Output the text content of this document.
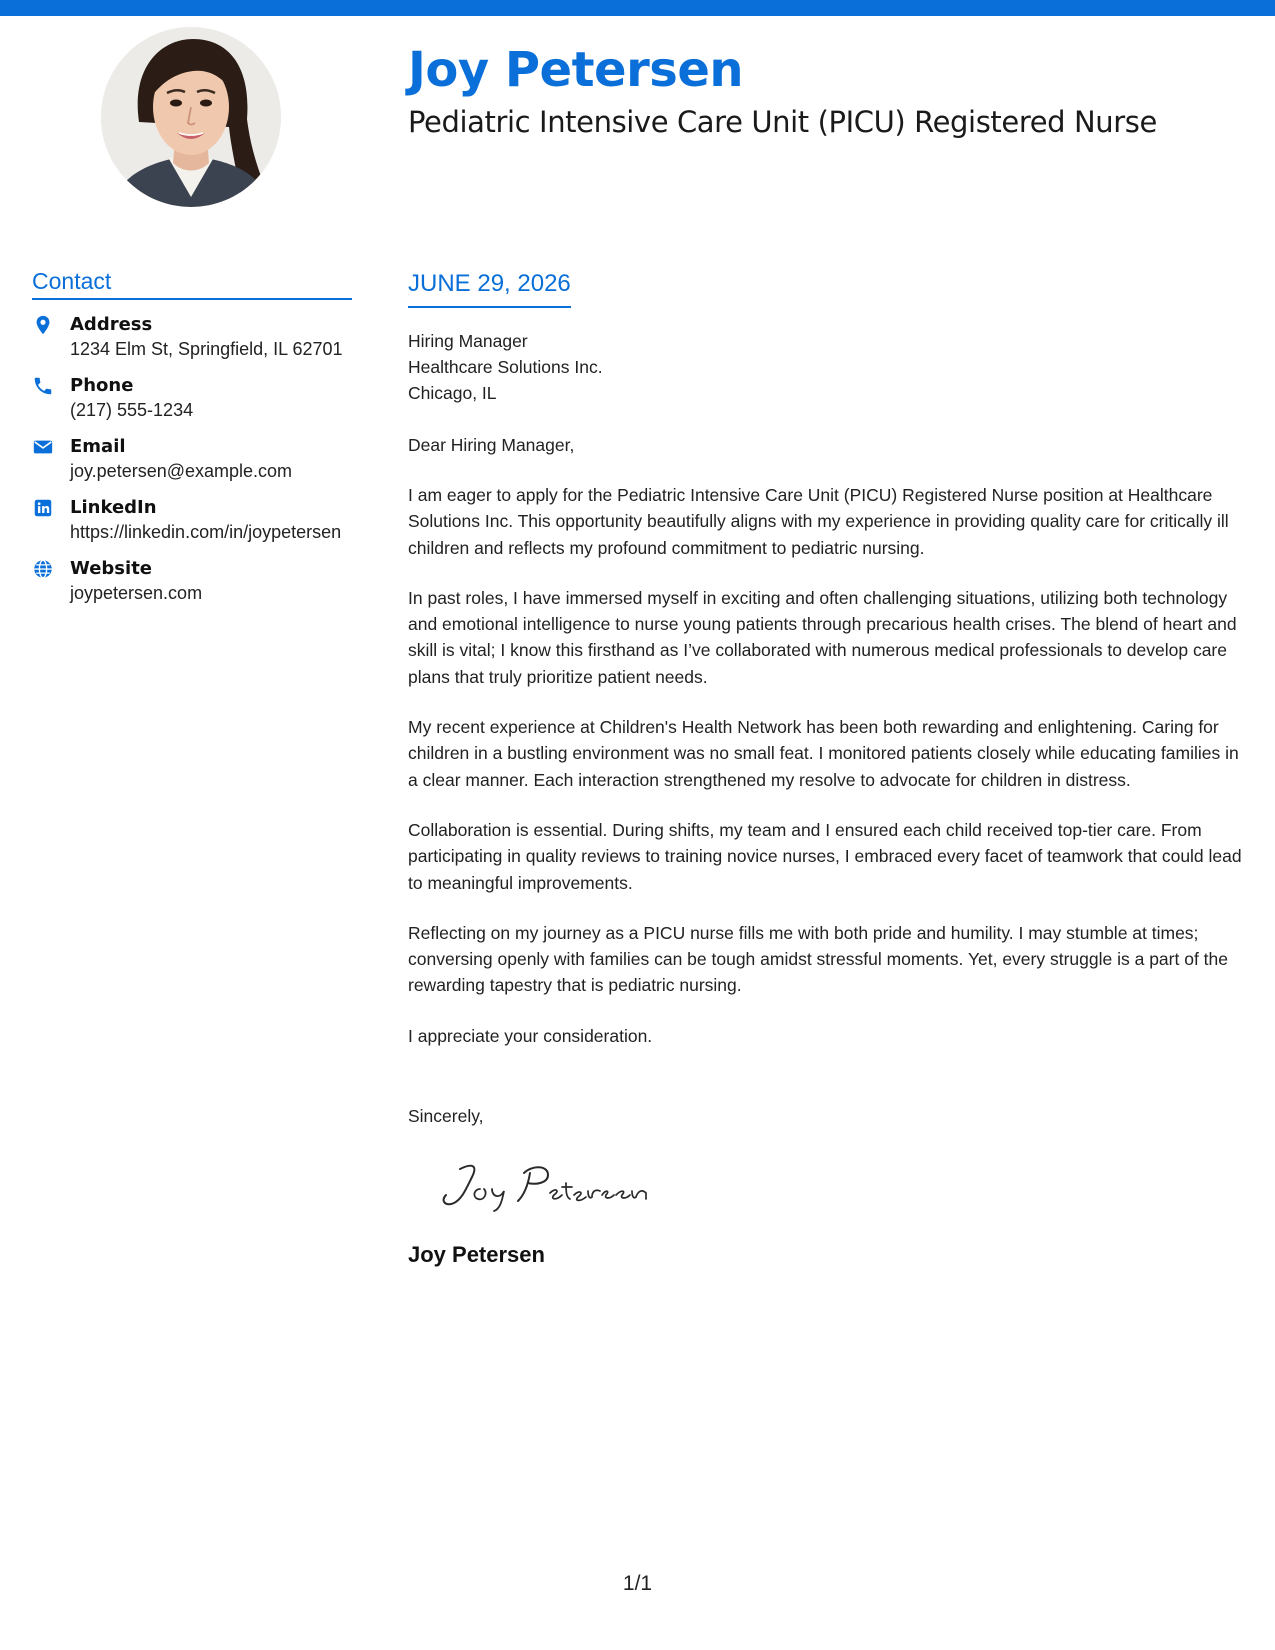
Joy Petersen
Pediatric Intensive Care Unit (PICU) Registered Nurse
Contact
Address
1234 Elm St, Springfield, IL 62701
Phone
(217) 555-1234
Email
joy.petersen@example.com
LinkedIn
https://linkedin.com/in/joypetersen
Website
joypetersen.com
JUNE 29, 2026
Hiring Manager
Healthcare Solutions Inc.
Chicago, IL

Dear Hiring Manager,

I am eager to apply for the Pediatric Intensive Care Unit (PICU) Registered Nurse position at Healthcare Solutions Inc. This opportunity beautifully aligns with my experience in providing quality care for critically ill children and reflects my profound commitment to pediatric nursing.

In past roles, I have immersed myself in exciting and often challenging situations, utilizing both technology and emotional intelligence to nurse young patients through precarious health crises. The blend of heart and skill is vital; I know this firsthand as I’ve collaborated with numerous medical professionals to develop care plans that truly prioritize patient needs.

My recent experience at Children's Health Network has been both rewarding and enlightening. Caring for children in a bustling environment was no small feat. I monitored patients closely while educating families in a clear manner. Each interaction strengthened my resolve to advocate for children in distress.

Collaboration is essential. During shifts, my team and I ensured each child received top-tier care. From participating in quality reviews to training novice nurses, I embraced every facet of teamwork that could lead to meaningful improvements.

Reflecting on my journey as a PICU nurse fills me with both pride and humility. I may stumble at times; conversing openly with families can be tough amidst stressful moments. Yet, every struggle is a part of the rewarding tapestry that is pediatric nursing.

I appreciate your consideration.

Sincerely,

Joy Petersen

1/1
